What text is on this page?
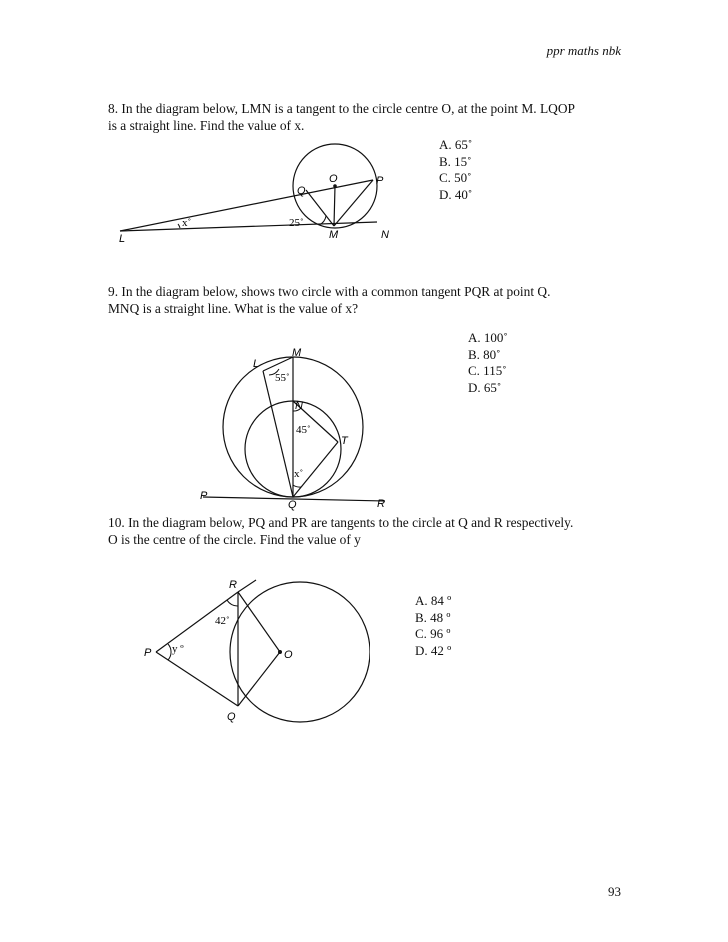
ppr maths nbk
8. In the diagram below, LMN is a tangent to the circle centre O, at the point M. LQOP
is a straight line. Find the value of x.
A. 65˚
B. 15˚
C. 50˚
D. 40˚
O	P
Q
L	M	N
x˚	25˚
9. In the diagram below, shows two circle with a common tangent PQR at point Q.
MNQ is a straight line. What is the value of x?
A. 100˚
B. 80˚
C. 115˚
D. 65˚
L
M
N
T
P
Q	R
55˚
45˚
x˚
10. In the diagram below, PQ and PR are tangents to the circle at Q and R respectively.
O is the centre of the circle. Find the value of y
A. 84 º
B. 48 º
C. 96 º
D. 42 º
R
P	O
Q
42˚
y º
93
